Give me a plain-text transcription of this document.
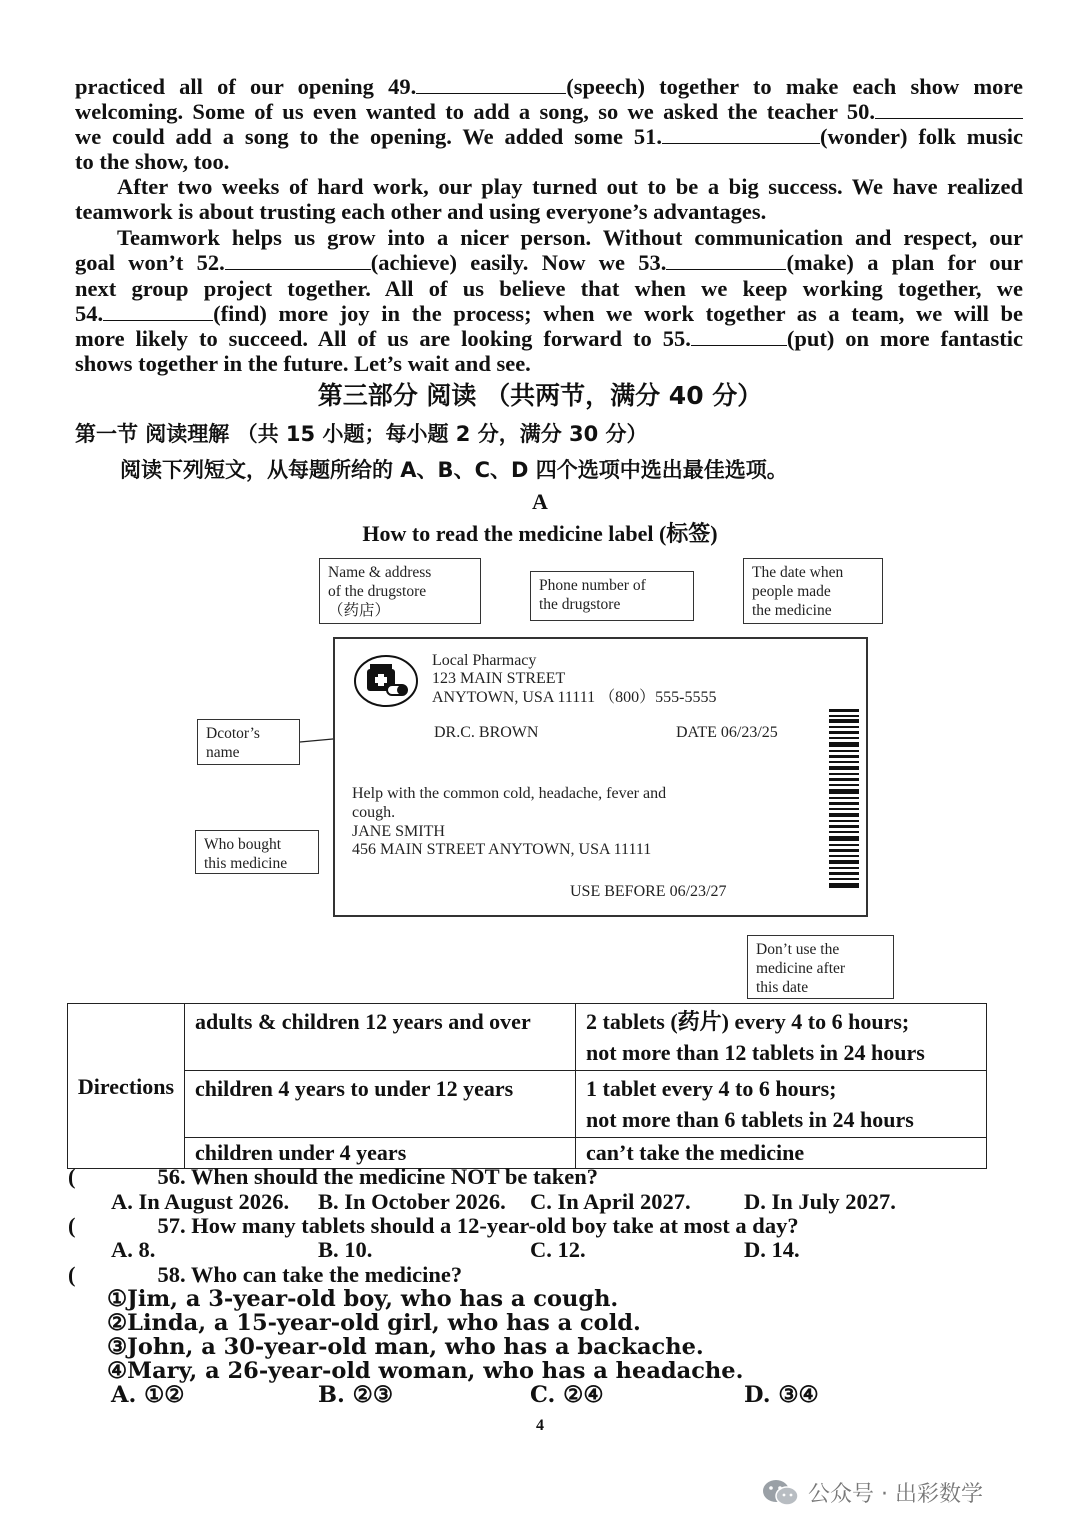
practiced all of our opening 49.	(speech) together to make each show more
welcoming. Some of us even wanted to add a song, so we asked the teacher 50.
we could add a song to the opening. We added some 51.	(wonder) folk music
to the show, too.
After two weeks of hard work, our play turned out to be a big success. We have realized
teamwork is about trusting each other and using everyone’s advantages.
Teamwork helps us grow into a nicer person. Without communication and respect, our
goal won’t 52.	(achieve) easily. Now we 53.	(make) a plan for our
next group project together. All of us believe that when we keep working together, we
54.	(find) more joy in the process; when we work together as a team, we will be
more likely to succeed. All of us are looking forward to 55.	(put) on more fantastic
shows together in the future. Let’s wait and see.
第三部分 阅读 （共两节，满分 40 分）
第一节 阅读理解 （共 15 小题；每小题 2 分，满分 30 分）
阅读下列短文，从每题所给的 A、B、C、D 四个选项中选出最佳选项。
A
How to read the medicine label (标签)
Name & address
of the drugstore
（药店）
Phone number of
the drugstore
The date when
people made
the medicine
Dcotor’s
name
Who bought
this medicine
Don’t use the
medicine after
this date
Local Pharmacy
123 MAIN STREET
ANYTOWN, USA 11111 （800）555-5555
DR.C. BROWN	DATE 06/23/25
Help with the common cold, headache, fever and
cough.
JANE SMITH
456 MAIN STREET ANYTOWN, USA 11111
USE BEFORE 06/23/27
Directions	adults & children 12 years and over	2 tablets (药片) every 4 to 6 hours;
not more than 12 tablets in 24 hours

	children 4 years to under 12 years	1 tablet every 4 to 6 hours;
not more than 6 tablets in 24 hours

	children under 4 years	can’t take the medicine
(	56. When should the medicine NOT be taken?
A. In August 2026. B. In October 2026. C. In April 2027. D. In July 2027.
(	57. How many tablets should a 12-year-old boy take at most a day?
A. 8.	B. 10.	C. 12.	D. 14.
(	58. Who can take the medicine?
①Jim, a 3-year-old boy, who has a cough.
②Linda, a 15-year-old girl, who has a cold.
③John, a 30-year-old man, who has a backache.
④Mary, a 26-year-old woman, who has a headache.
A. ①②	B. ②③	C. ②④	D. ③④
4
公众号 · 出彩数学
